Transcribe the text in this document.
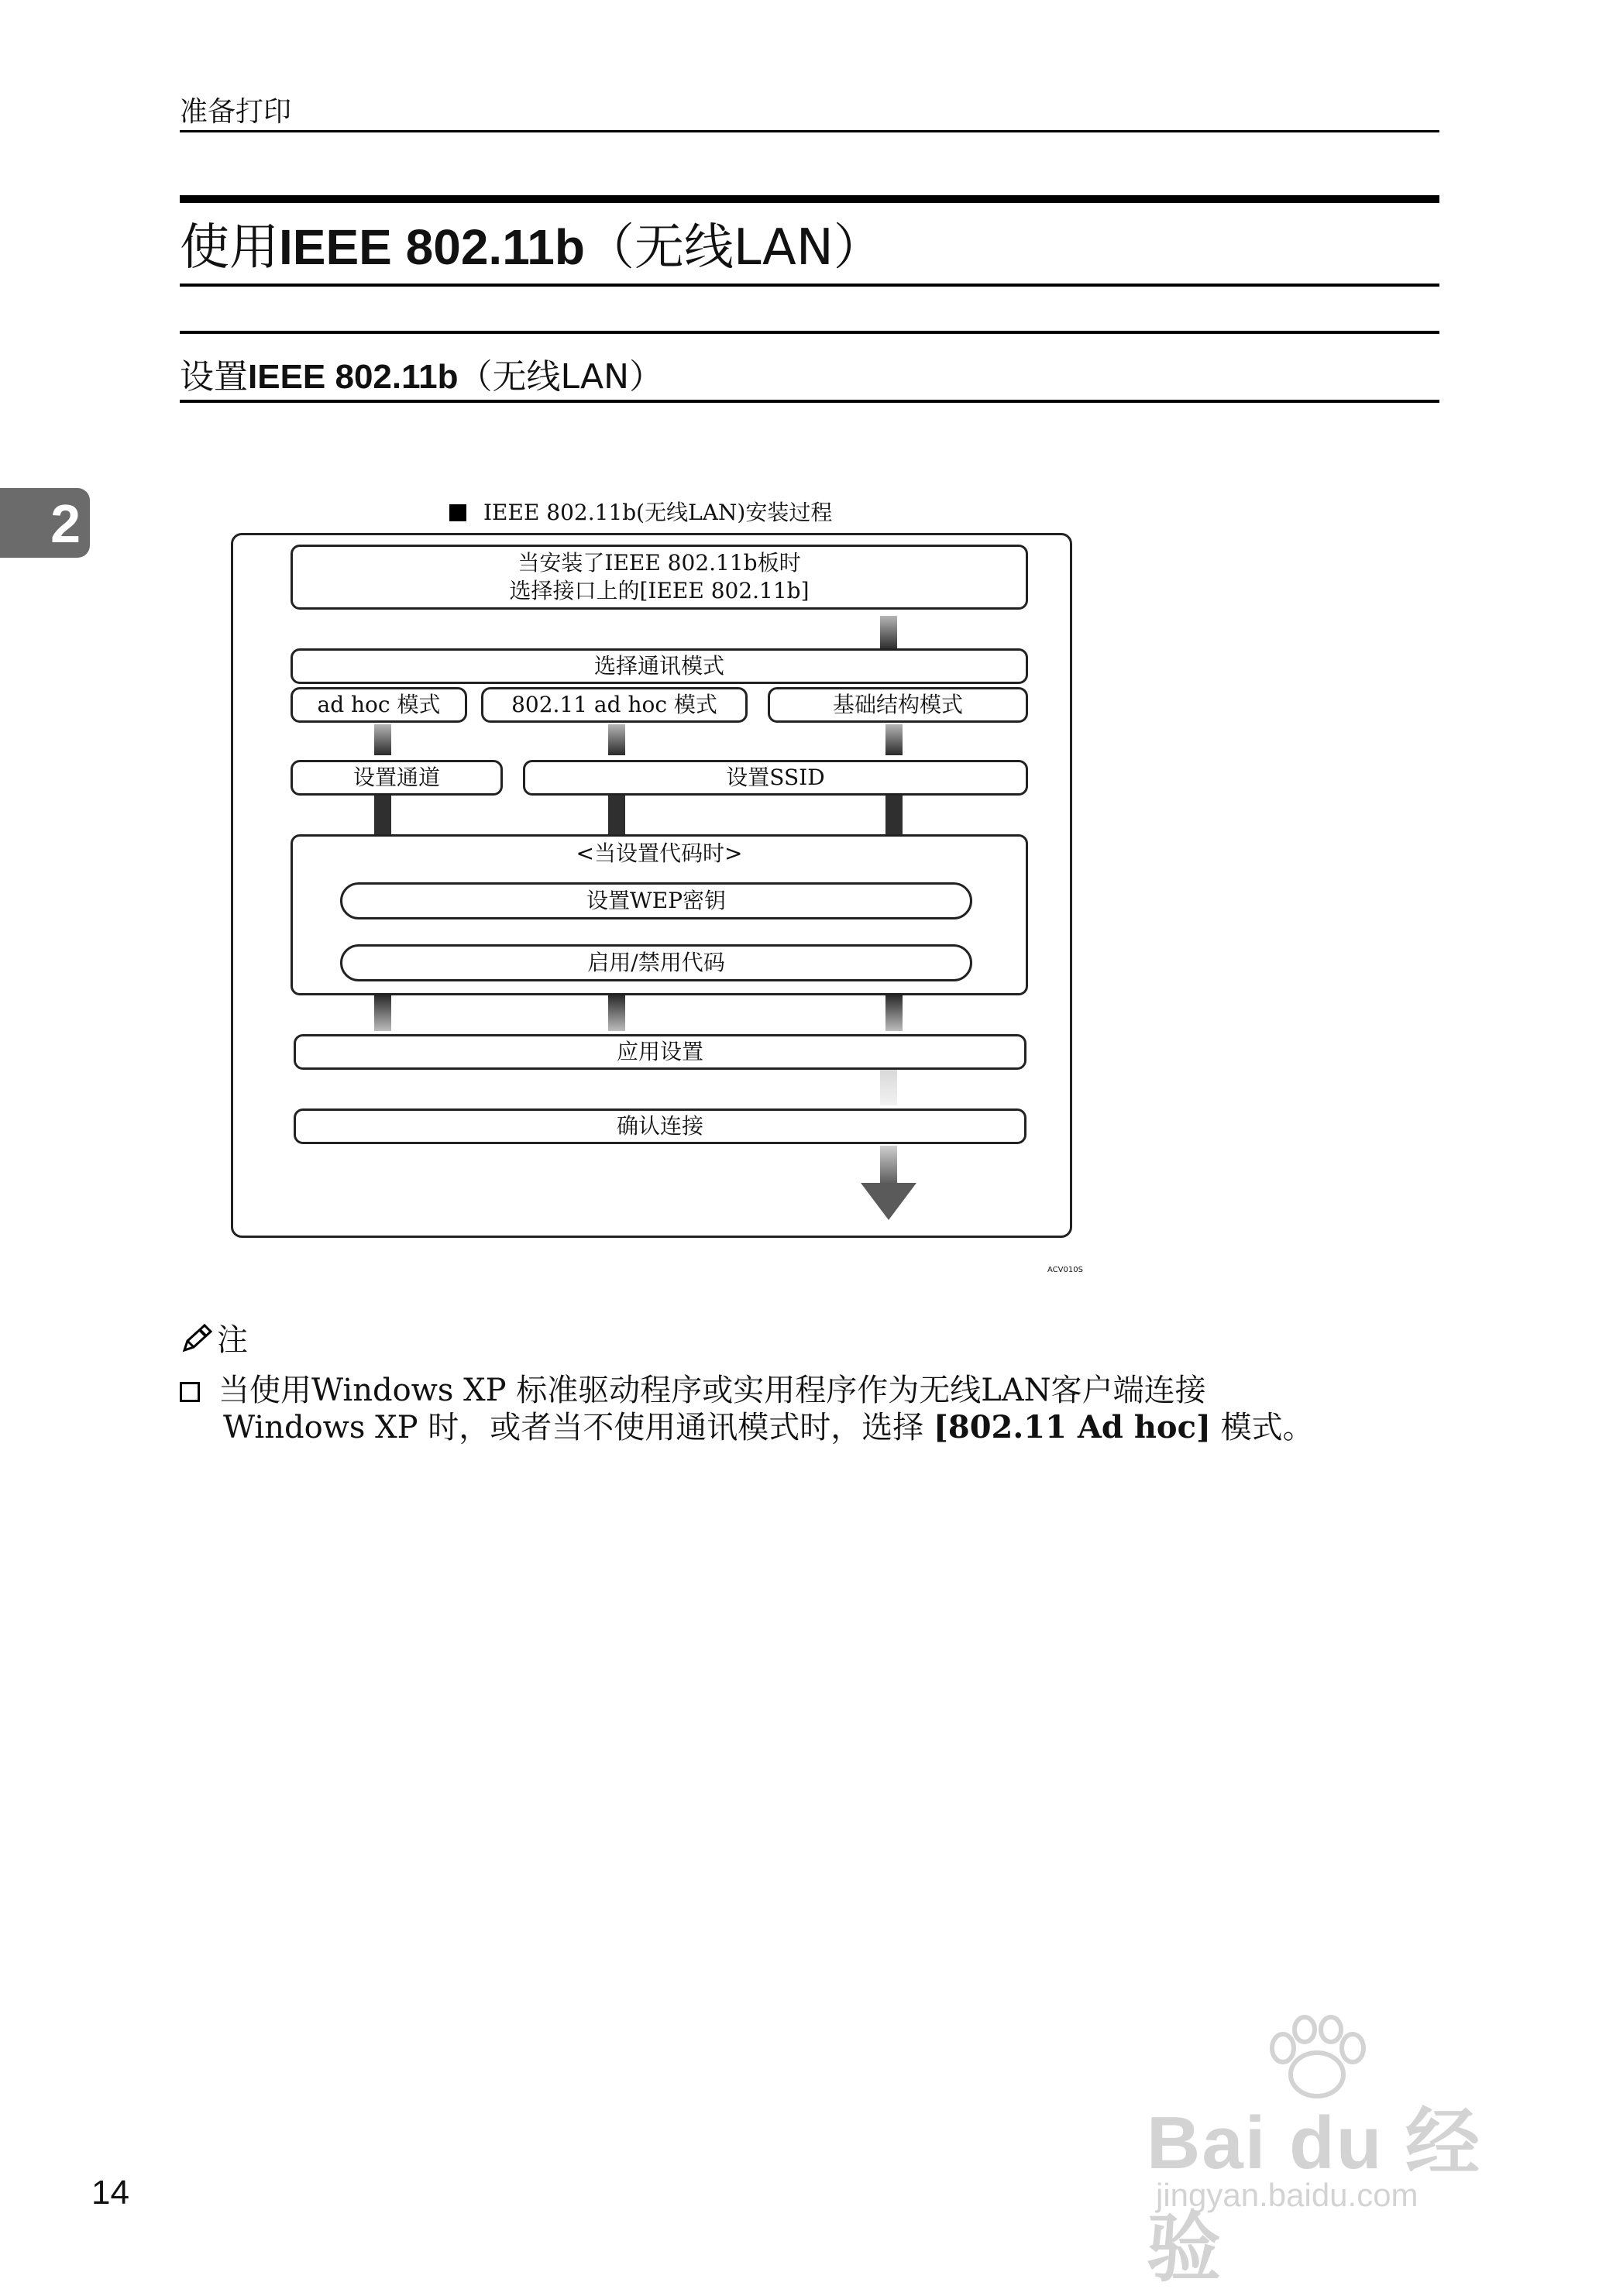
准备打印
使用IEEE 802.11b（无线LAN）
设置IEEE 802.11b（无线LAN）
2	IEEE 802.11b(无线LAN)安装过程
当安装了IEEE 802.11b板时
选择接口上的[IEEE 802.11b]
选择通讯模式
ad hoc 模式	802.11 ad hoc 模式	基础结构模式
设置通道	设置SSID
<当设置代码时>
设置WEP密钥
启用/禁用代码
应用设置
确认连接
ACV010S
注
当使用Windows XP 标准驱动程序或实用程序作为无线LAN客户端连接
Windows XP 时，或者当不使用通讯模式时，选择 [802.11 Ad hoc] 模式。
14
Bai du 经验
jingyan.baidu.com
